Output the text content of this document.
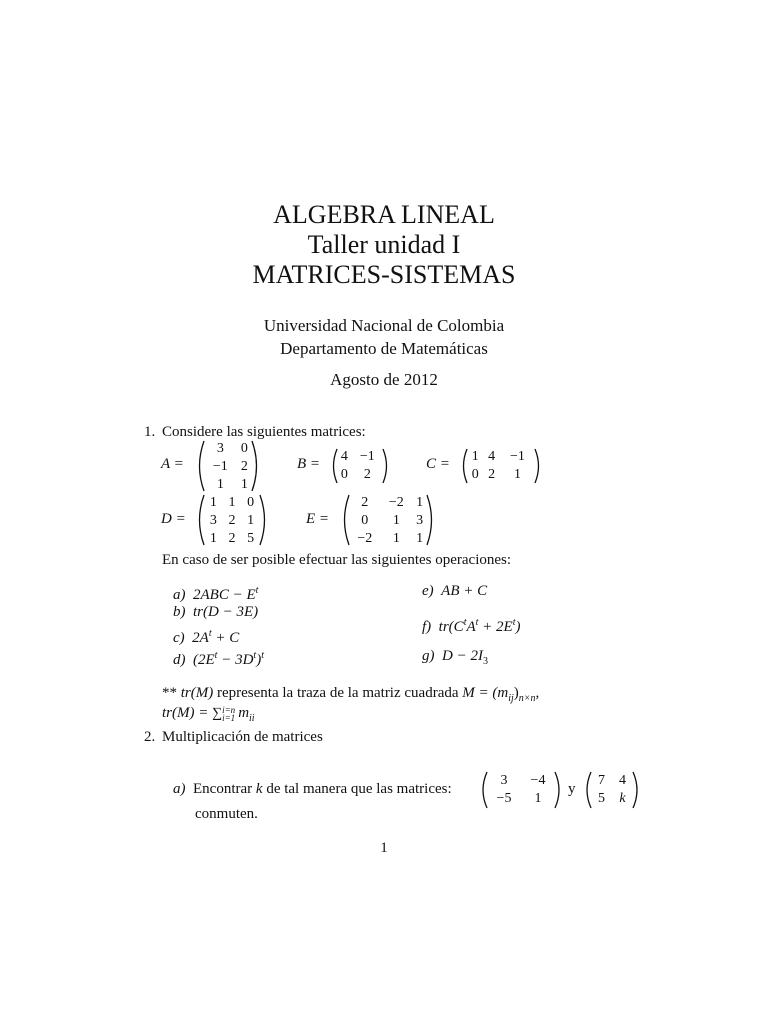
ALGEBRA LINEAL
Taller unidad I
MATRICES-SISTEMAS
Universidad Nacional de Colombia
Departamento de Matemáticas
Agosto de 2012
1. Considere las siguientes matrices:
A =
3	0
−1	2
1	1
B = 4	−1
0	2
C = 1	4	−1
0	2	1
D =
1	1	0
3	2	1
1	2	5
E =
2	−2	1
0	1	3
−2	1	1
En caso de ser posible efectuar las siguientes operaciones:
a) $2ABC - E^t$
b) tr(D − 3E)
c) $2A^t + C$
d) $(2E^t - 3D^t)^t$
e) AB + C
f) $tr(C^tA^t + 2E^t)$
g) $D - 2I_3$
** tr(M) representa la traza de la matriz cuadrada $M = (m_{ij})_{n\times n}$,
tr(M) = ∑ i=n
i=1 $m_{ii}$
2. Multiplicación de matrices
a) Encontrar k de tal manera que las matrices:
3	−4
−5	1
y
7	4
5	k
conmuten.
1
